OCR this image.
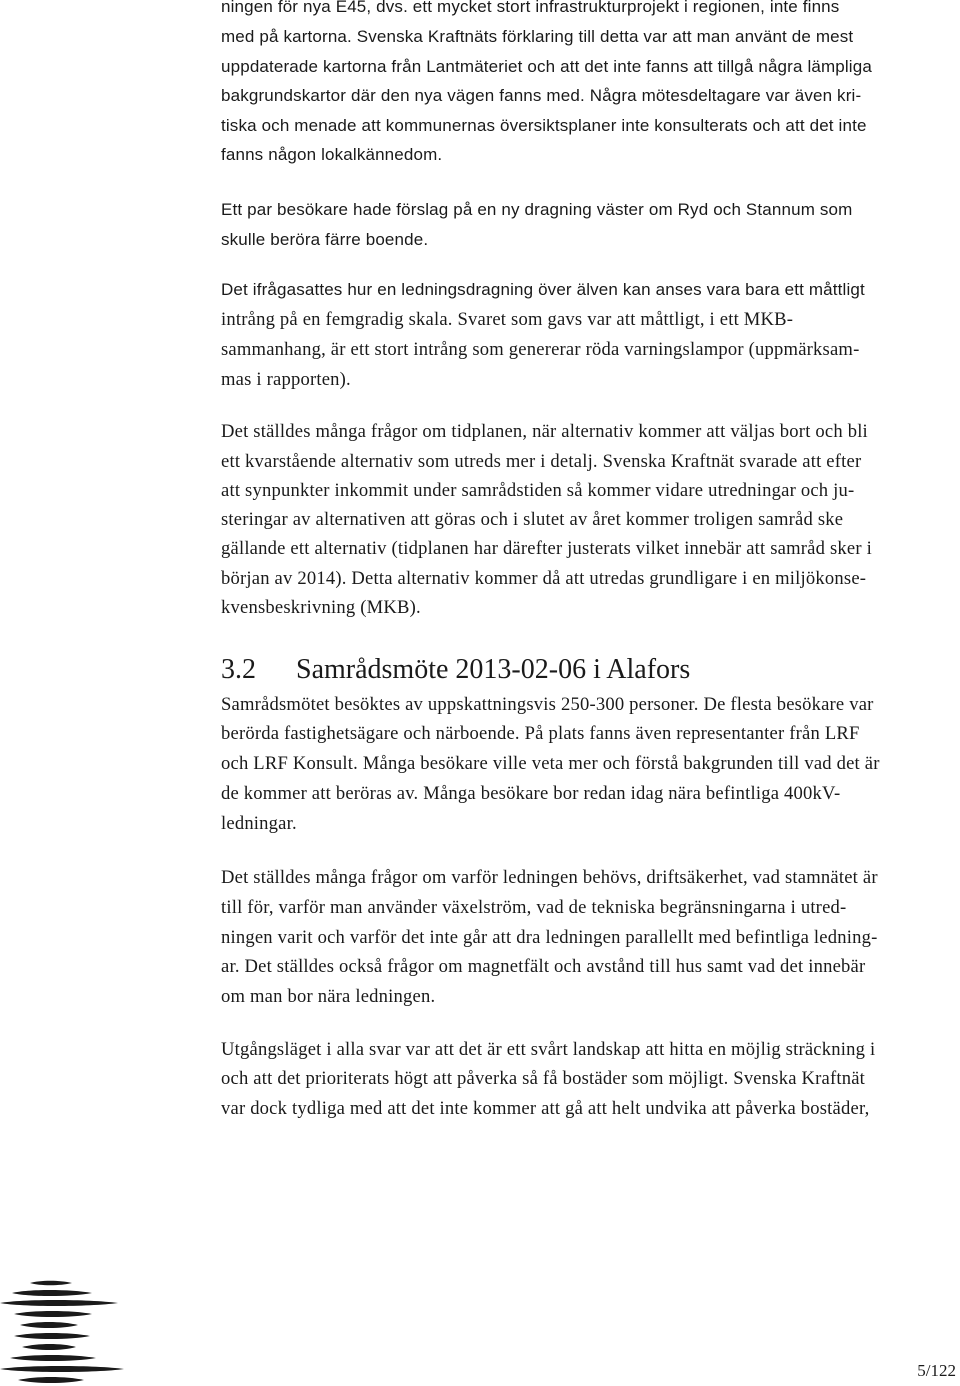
ningen för nya E45, dvs. ett mycket stort infrastrukturprojekt i regionen, inte finns
med på kartorna. Svenska Kraftnäts förklaring till detta var att man använt de mest
uppdaterade kartorna från Lantmäteriet och att det inte fanns att tillgå några lämpliga
bakgrundskartor där den nya vägen fanns med. Några mötesdeltagare var även kri-
tiska och menade att kommunernas översiktsplaner inte konsulterats och att det inte
fanns någon lokalkännedom.
Ett par besökare hade förslag på en ny dragning väster om Ryd och Stannum som
skulle beröra färre boende.
Det ifrågasattes hur en ledningsdragning över älven kan anses vara bara ett måttligt
intrång på en femgradig skala. Svaret som gavs var att måttligt, i ett MKB-
sammanhang, är ett stort intrång som genererar röda varningslampor (uppmärksam-
mas i rapporten).
Det ställdes många frågor om tidplanen, när alternativ kommer att väljas bort och bli
ett kvarstående alternativ som utreds mer i detalj. Svenska Kraftnät svarade att efter
att synpunkter inkommit under samrådstiden så kommer vidare utredningar och ju-
steringar av alternativen att göras och i slutet av året kommer troligen samråd ske
gällande ett alternativ (tidplanen har därefter justerats vilket innebär att samråd sker i
början av 2014). Detta alternativ kommer då att utredas grundligare i en miljökonse-
kvensbeskrivning (MKB).
3.2 Samrådsmöte 2013-02-06 i Alafors
Samrådsmötet besöktes av uppskattningsvis 250-300 personer. De flesta besökare var
berörda fastighetsägare och närboende. På plats fanns även representanter från LRF
och LRF Konsult. Många besökare ville veta mer och förstå bakgrunden till vad det är
de kommer att beröras av. Många besökare bor redan idag nära befintliga 400kV-
ledningar.
Det ställdes många frågor om varför ledningen behövs, driftsäkerhet, vad stamnätet är
till för, varför man använder växelström, vad de tekniska begränsningarna i utred-
ningen varit och varför det inte går att dra ledningen parallellt med befintliga ledning-
ar. Det ställdes också frågor om magnetfält och avstånd till hus samt vad det innebär
om man bor nära ledningen.
Utgångsläget i alla svar var att det är ett svårt landskap att hitta en möjlig sträckning i
och att det prioriterats högt att påverka så få bostäder som möjligt. Svenska Kraftnät
var dock tydliga med att det inte kommer att gå att helt undvika att påverka bostäder,
5/122
